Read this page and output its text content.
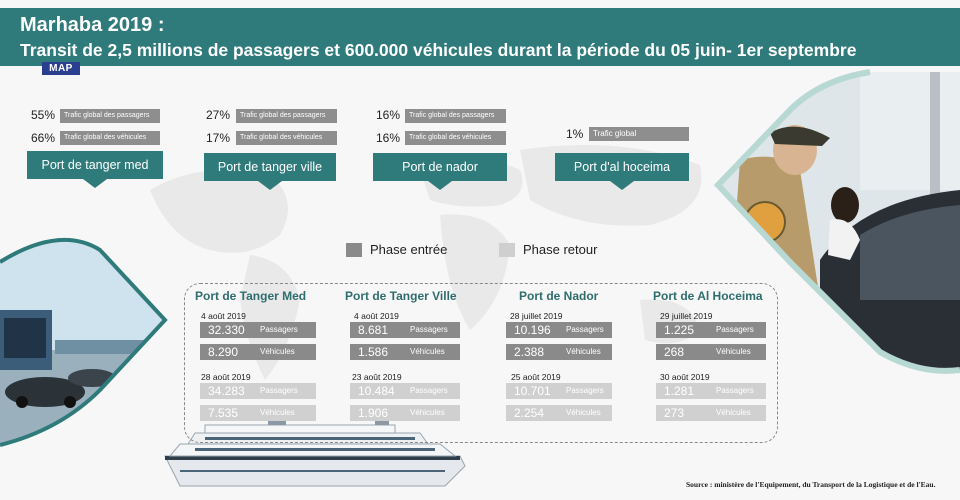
Marhaba 2019 :
Transit de 2,5 millions de passagers et 600.000 véhicules durant la période du 05 juin- 1er septembre
MAP
55%	Trafic global des passagers
66%	Trafic global des véhicules
Port de tanger med
27%	Trafic global des passagers
17%	Trafic global des véhicules
Port de tanger ville
16%	Trafic global des passagers
16%	Trafic global des véhicules
Port de nador
1%	Trafic global
Port d'al hoceima
Phase entrée	Phase retour
Port de Tanger Med
4 août 2019
32.330 Passagers
8.290	Véhicules
28 août 2019
34.283 Passagers
7.535	Véhicules
Port de Tanger Ville
4 août 2019
8.681	Passagers
1.586	Véhicules
23 août 2019
10.484 Passagers
1.906	Véhicules
Port de Nador
28 juillet 2019
10.196 Passagers
2.388	Véhicules
25 août 2019
10.701 Passagers
2.254	Véhicules
Port de Al Hoceima
29 juillet 2019
1.225	Passagers
268	Véhicules
30 août 2019
1.281	Passagers
273	Véhicules
Source : ministère de l'Equipement, du Transport de la Logistique et de l'Eau.
